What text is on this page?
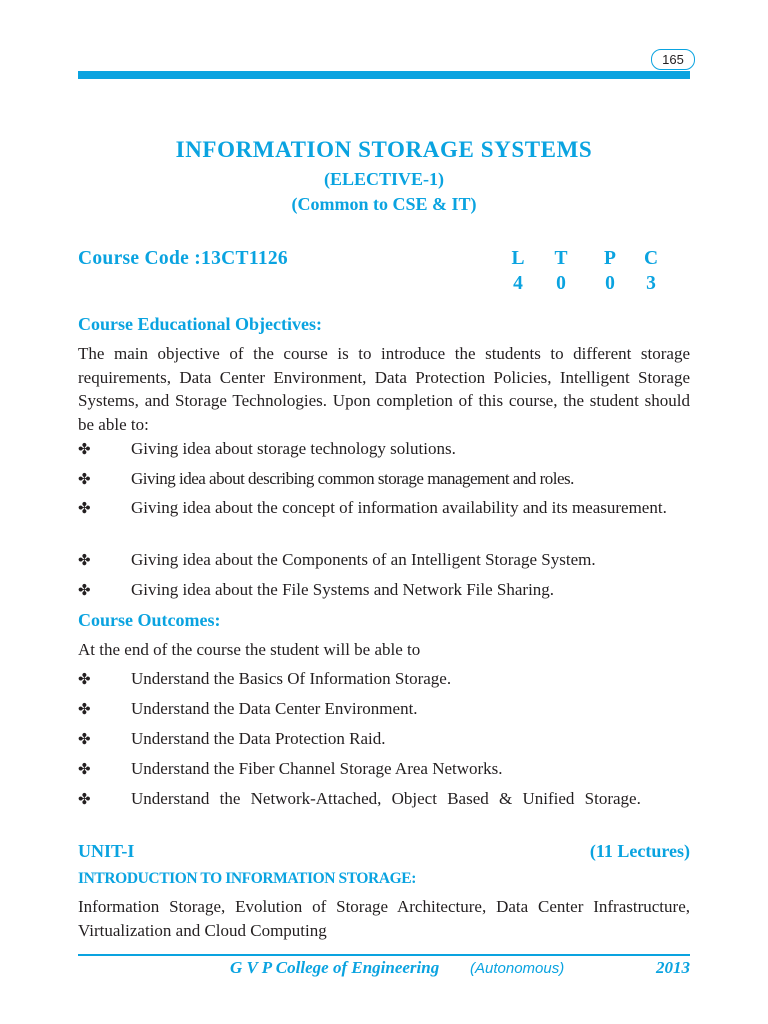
165
INFORMATION STORAGE SYSTEMS
(ELECTIVE-1)
(Common to CSE & IT)
Course Code :13CT1126	L T P C
4	0	0	3
Course Educational Objectives:
The main objective of the course is to introduce the students to different storage requirements, Data Center Environment, Data Protection Policies, Intelligent Storage Systems, and Storage Technologies. Upon completion of this course, the student should be able to:
✤	Giving idea about storage technology solutions.
✤	Giving idea about describing common storage management and roles.
✤	Giving idea about the concept of information availability and its measurement.
✤	Giving idea about the Components of an Intelligent Storage System.
✤	Giving idea about the File Systems and Network File Sharing.
Course Outcomes:
At the end of the course the student will be able to
✤	Understand the Basics Of Information Storage.
✤	Understand the Data Center Environment.
✤	Understand the Data Protection Raid.
✤	Understand the Fiber Channel Storage Area Networks.
✤	Understand the Network-Attached, Object Based & Unified Storage.
UNIT-I	(11 Lectures)
INTRODUCTION TO INFORMATION STORAGE:
Information Storage, Evolution of Storage Architecture, Data Center Infrastructure, Virtualization and Cloud Computing
G V P College of Engineering (Autonomous)	2013
